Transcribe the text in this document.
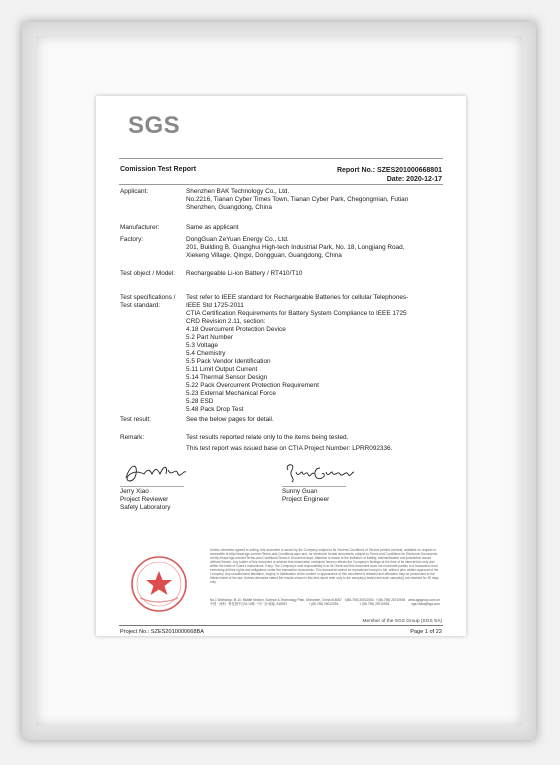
SGS
Comission Test Report	Report No.: SZES201000668801
Date: 2020-12-17
Applicant:	Shenzhen BAK Technology Co., Ltd.
No.2216, Tianan Cyber Times Town, Tianan Cyber Park, Chegongmian, Futian
Shenzhen, Guangdong, China
Manufacturer:	Same as applicant
Factory:	DongGuan ZeYuan Energy Co., Ltd.
201, Building B, Guanghui High-tech Industrial Park, No. 18, Longjiang Road,
Xiekeng Village, Qingxi, Dongguan, Guangdong, China
Test object / Model:	Rechargeable Li-ion Battery / RT410/T10
Test specifications /
Test standard:
Test refer to IEEE standard for Rechargeable Batteries for cellular Telephones-
IEEE Std 1725-2011
CTIA Certification Requirements for Battery System Compliance to IEEE 1725
CRD Revision 2.11, section:
4.18 Overcurrent Protection Device
5.2 Part Number
5.3 Voltage
5.4 Chemistry
5.5 Pack Vendor Identification
5.11 Limit Output Current
5.14 Thermal Sensor Design
5.22 Pack Overcurrent Protection Requirement
5.23 External Mechanical Force
5.28 ESD
5.48 Pack Drop Test
Test result:	See the below pages for detail.
Remark:	Test results reported relate only to the items being tested.
This test report was issued base on CTIA Project Number: LPRR092336.
Jerry Xiao
Project Reviewer
Safety Laboratory
Sunny Guan
Project Engineer
Unless otherwise agreed in writing, this document is issued by the Company subject to its General Conditions of Service printed overleaf, available on request or accessible at http://www.sgs.com/en/Terms-and-Conditions.aspx and, for electronic format documents, subject to Terms and Conditions for Electronic Documents at http://www.sgs.com/en/Terms-and-Conditions/Terms-e-Document.aspx. Attention is drawn to the limitation of liability, indemnification and jurisdiction issues defined therein. Any holder of this document is advised that information contained hereon reflects the Company's findings at the time of its intervention only and within the limits of Client's instructions, if any. The Company's sole responsibility is to its Client and this document does not exonerate parties to a transaction from exercising all their rights and obligations under the transaction documents. This document cannot be reproduced except in full, without prior written approval of the Company. Any unauthorized alteration, forgery or falsification of the content or appearance of this document is unlawful and offenders may be prosecuted to the fullest extent of the law. Unless otherwise stated the results shown in this test report refer only to the sample(s) tested and such sample(s) are retained for 30 days only.
No.1 Workshop, M-10, Middle Section, Science & Technology Park, Shenzhen, China 518057 t (86-755) 26012053 f (86-755) 26710594 www.sgsgroup.com.cn
中国 · 深圳 · 科技园中区M-10栋一号厂房 邮编: 518057	t (86-755) 26012053	f (86-755) 26710594	sgs.china@sgs.com
Member of the SGS Group (SGS SA)
Project No.: SZES2010000668BA	Page 1 of 22
